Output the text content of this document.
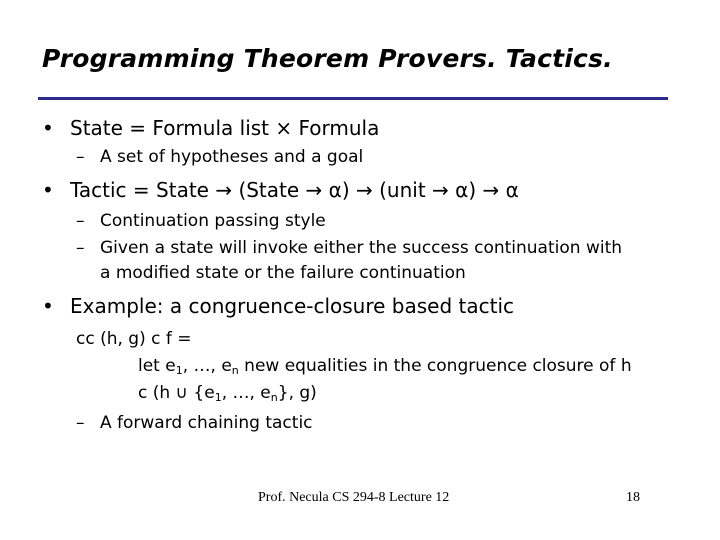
Programming Theorem Provers. Tactics.
• State = Formula list × Formula
– A set of hypotheses and a goal
• Tactic = State → (State → α) → (unit → α) → α
– Continuation passing style
– Given a state will invoke either the success continuation with
a modified state or the failure continuation
• Example: a congruence-closure based tactic
cc (h, g) c f =
let $e_1$, …, $e_n$ new equalities in the congruence closure of h
c (h ∪ {$e_1$, …, $e_n$}, g)
– A forward chaining tactic
Prof. Necula CS 294-8 Lecture 12	18
